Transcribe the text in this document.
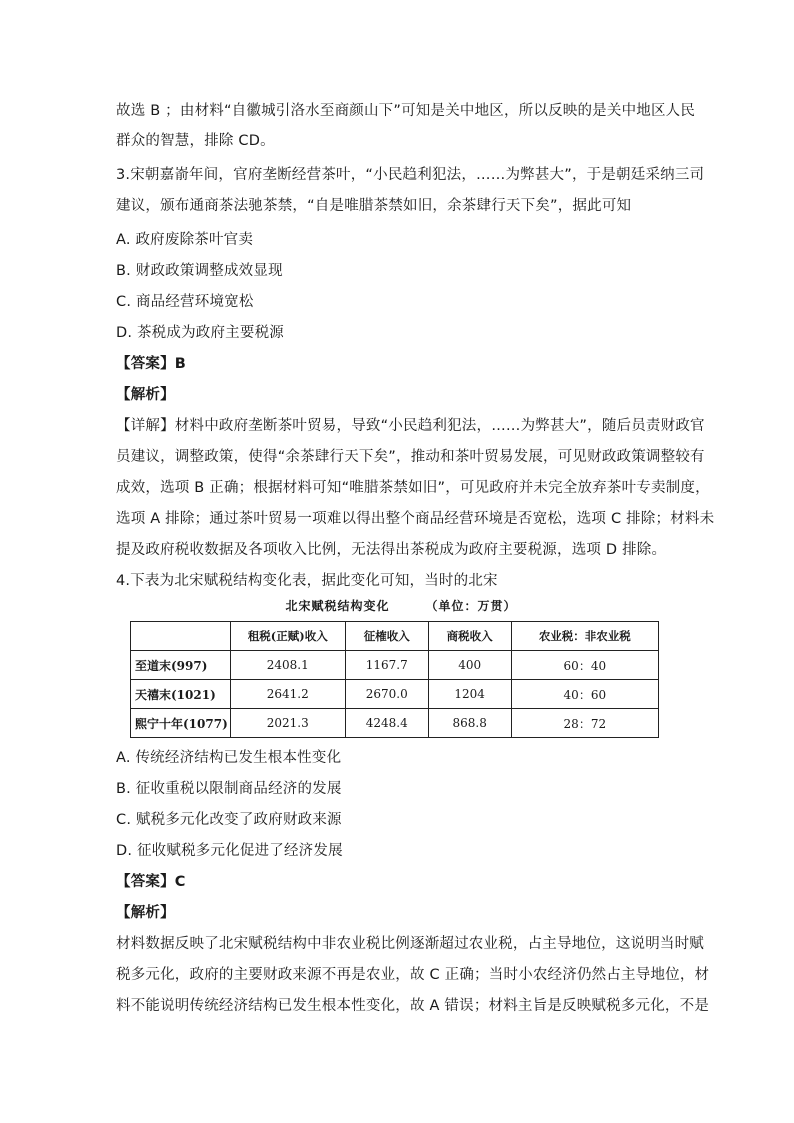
故选 B ；由材料“自徽城引洛水至商颜山下”可知是关中地区，所以反映的是关中地区人民
群众的智慧，排除 CD。
3.宋朝嘉嵛年间，官府垄断经营茶叶，“小民趋利犯法，……为弊甚大”，于是朝廷采纳三司
建议，颁布通商茶法驰茶禁，“自是唯腊茶禁如旧，余茶肆行天下矣”，据此可知
A. 政府废除茶叶官卖
B. 财政政策调整成效显现
C. 商品经营环境宽松
D. 茶税成为政府主要税源
【答案】B
【解析】
【详解】材料中政府垄断茶叶贸易，导致“小民趋利犯法，……为弊甚大”，随后员责财政官
员建议，调整政策，使得“余茶肆行天下矣”，推动和茶叶贸易发展，可见财政政策调整较有
成效，选项 B 正确；根据材料可知“唯腊茶禁如旧”，可见政府并未完全放弃茶叶专卖制度，
选项 A 排除；通过茶叶贸易一项难以得出整个商品经营环境是否宽松，选项 C 排除；材料未
提及政府税收数据及各项收入比例，无法得出茶税成为政府主要税源，选项 D 排除。
4.下表为北宋赋税结构变化表，据此变化可知，当时的北宋
北宋赋税结构变化	（单位：万贯）
	租税(正赋)收入	征榷收入	商税收入	农业税：非农业税
至道末(997)	2408.1	1167.7	400	60：40
天禧末(1021)	2641.2	2670.0	1204	40：60
熙宁十年(1077)	2021.3	4248.4	868.8	28：72
A. 传统经济结构已发生根本性变化
B. 征收重税以限制商品经济的发展
C. 赋税多元化改变了政府财政来源
D. 征收赋税多元化促进了经济发展
【答案】C
【解析】
材料数据反映了北宋赋税结构中非农业税比例逐渐超过农业税，占主导地位，这说明当时赋
税多元化，政府的主要财政来源不再是农业，故 C 正确；当时小农经济仍然占主导地位，材
料不能说明传统经济结构已发生根本性变化，故 A 错误；材料主旨是反映赋税多元化，不是
